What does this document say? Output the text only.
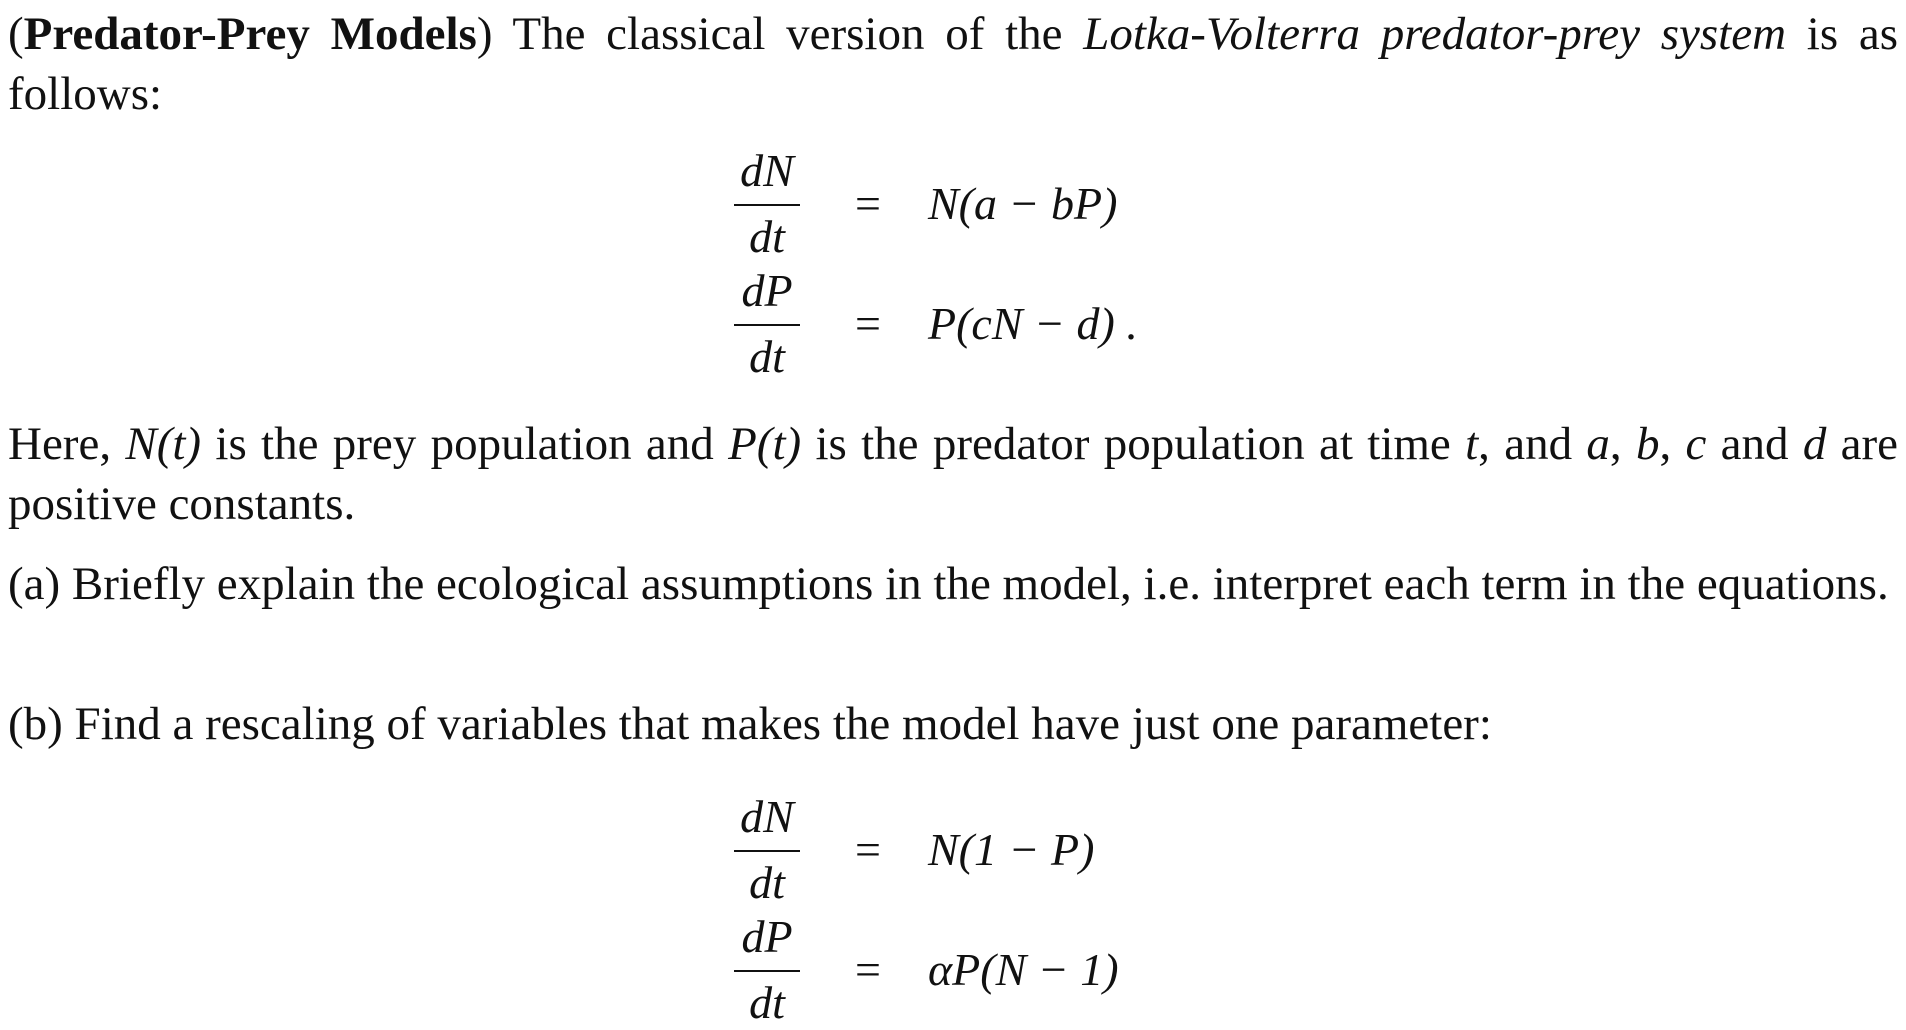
(Predator-Prey Models) The classical version of the Lotka-Volterra predator-prey system is as follows:
dN
dt
= N(a − bP)
dP
dt
= P(cN − d) .
Here, N(t) is the prey population and P(t) is the predator population at time t, and a, b, c and d are positive constants.
(a) Briefly explain the ecological assumptions in the model, i.e. interpret each term in the equations.
(b) Find a rescaling of variables that makes the model have just one parameter:
dN
dt
= N(1 − P)
dP
dt
= αP(N − 1)
